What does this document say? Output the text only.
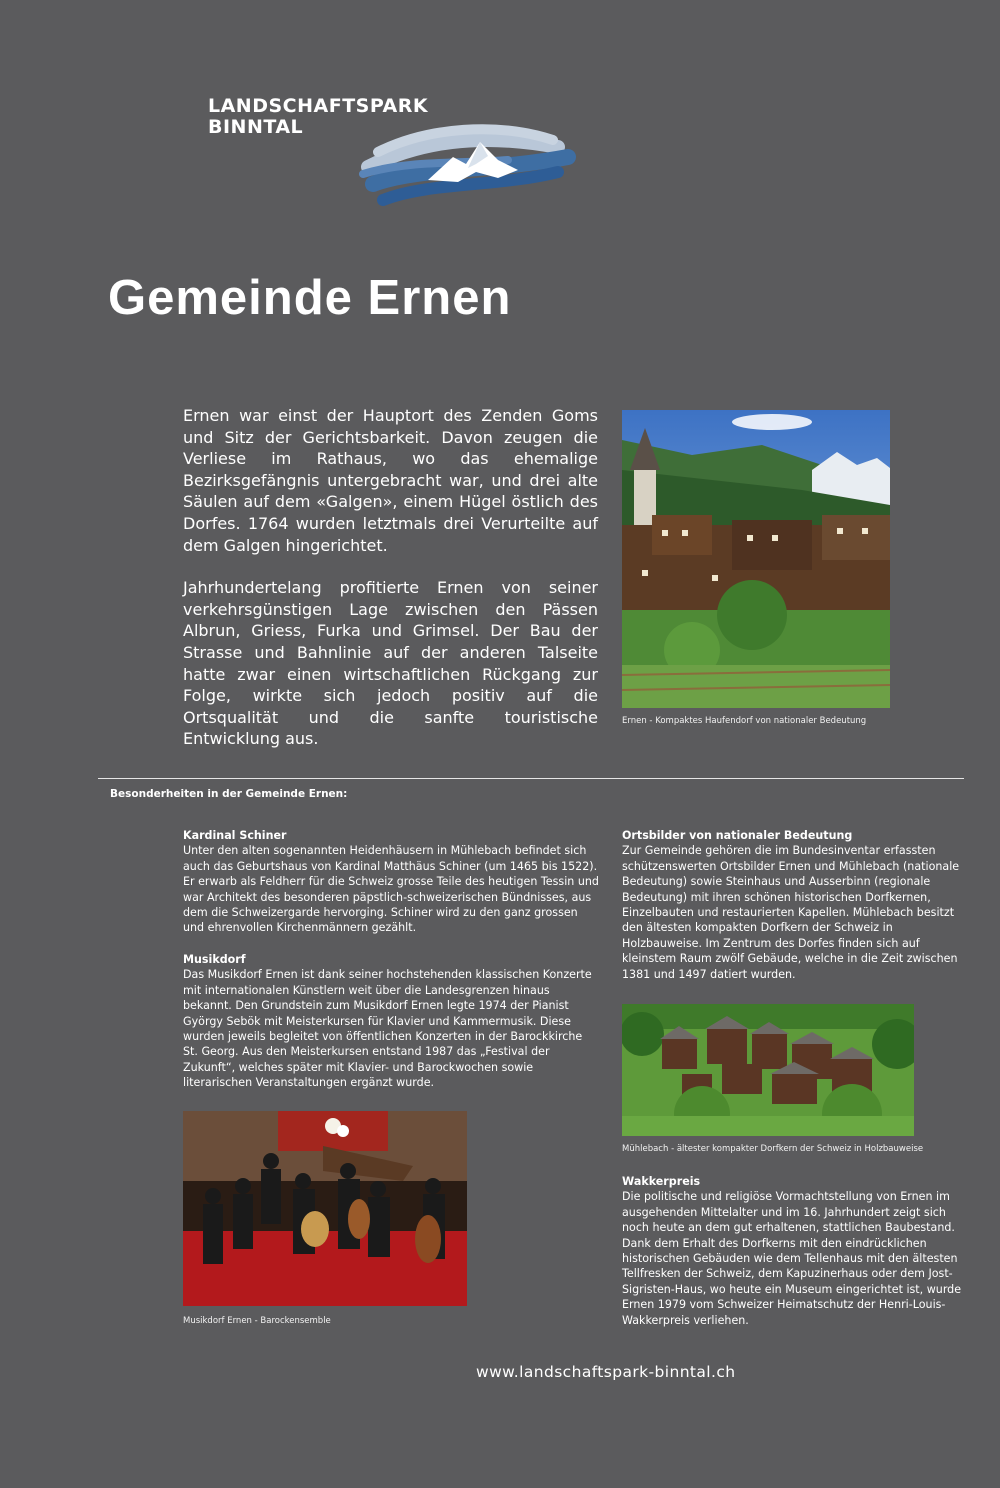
LANDSCHAFTSPARK
BINNTAL
Gemeinde Ernen

Ernen war einst der Hauptort des Zenden Goms und Sitz der Gerichtsbarkeit. Davon zeugen die Verliese im Rathaus, wo das ehemalige Bezirksgefängnis untergebracht war, und drei alte Säulen auf dem «Galgen», einem Hügel östlich des Dorfes. 1764 wurden letztmals drei Verurteilte auf dem Galgen hingerichtet.

Jahrhundertelang profitierte Ernen von seiner verkehrsgünstigen Lage zwischen den Pässen Albrun, Griess, Furka und Grimsel. Der Bau der Strasse und Bahnlinie auf der anderen Talseite hatte zwar einen wirtschaftlichen Rückgang zur Folge, wirkte sich jedoch positiv auf die Ortsqualität und die sanfte touristische Entwicklung aus.

Ernen - Kompaktes Haufendorf von nationaler Bedeutung
Besonderheiten in der Gemeinde Ernen:
Kardinal Schiner

Unter den alten sogenannten Heidenhäusern in Mühlebach befindet sich auch das Geburtshaus von Kardinal Matthäus Schiner (um 1465 bis 1522). Er erwarb als Feldherr für die Schweiz grosse Teile des heutigen Tessin und war Architekt des besonderen päpstlich-schweizerischen Bündnisses, aus dem die Schweizergarde hervorging. Schiner wird zu den ganz grossen und ehrenvollen Kirchenmännern gezählt.

Musikdorf

Das Musikdorf Ernen ist dank seiner hochstehenden klassischen Konzerte mit internationalen Künstlern weit über die Landesgrenzen hinaus bekannt. Den Grundstein zum Musikdorf Ernen legte 1974 der Pianist György Sebök mit Meisterkursen für Klavier und Kammermusik. Diese wurden jeweils begleitet von öffentlichen Konzerten in der Barockkirche St. Georg. Aus den Meisterkursen entstand 1987 das „Festival der Zukunft“, welches später mit Klavier- und Barockwochen sowie literarischen Veranstaltungen ergänzt wurde.

Musikdorf Ernen - Barockensemble
Ortsbilder von nationaler Bedeutung

Zur Gemeinde gehören die im Bundesinventar erfassten schützenswerten Ortsbilder Ernen und Mühlebach (nationale Bedeutung) sowie Steinhaus und Ausserbinn (regionale Bedeutung) mit ihren schönen historischen Dorfkernen, Einzelbauten und restaurierten Kapellen. Mühlebach besitzt den ältesten kompakten Dorfkern der Schweiz in Holzbauweise. Im Zentrum des Dorfes finden sich auf kleinstem Raum zwölf Gebäude, welche in die Zeit zwischen 1381 und 1497 datiert wurden.

Mühlebach - ältester kompakter Dorfkern der Schweiz in Holzbauweise
Wakkerpreis

Die politische und religiöse Vormachtstellung von Ernen im ausgehenden Mittelalter und im 16. Jahrhundert zeigt sich noch heute an dem gut erhaltenen, stattlichen Baubestand. Dank dem Erhalt des Dorfkerns mit den eindrücklichen historischen Gebäuden wie dem Tellenhaus mit den ältesten Tellfresken der Schweiz, dem Kapuzinerhaus oder dem Jost-Sigristen-Haus, wo heute ein Museum eingerichtet ist, wurde Ernen 1979 vom Schweizer Heimatschutz der Henri-Louis-Wakkerpreis verliehen.

www.landschaftspark-binntal.ch
